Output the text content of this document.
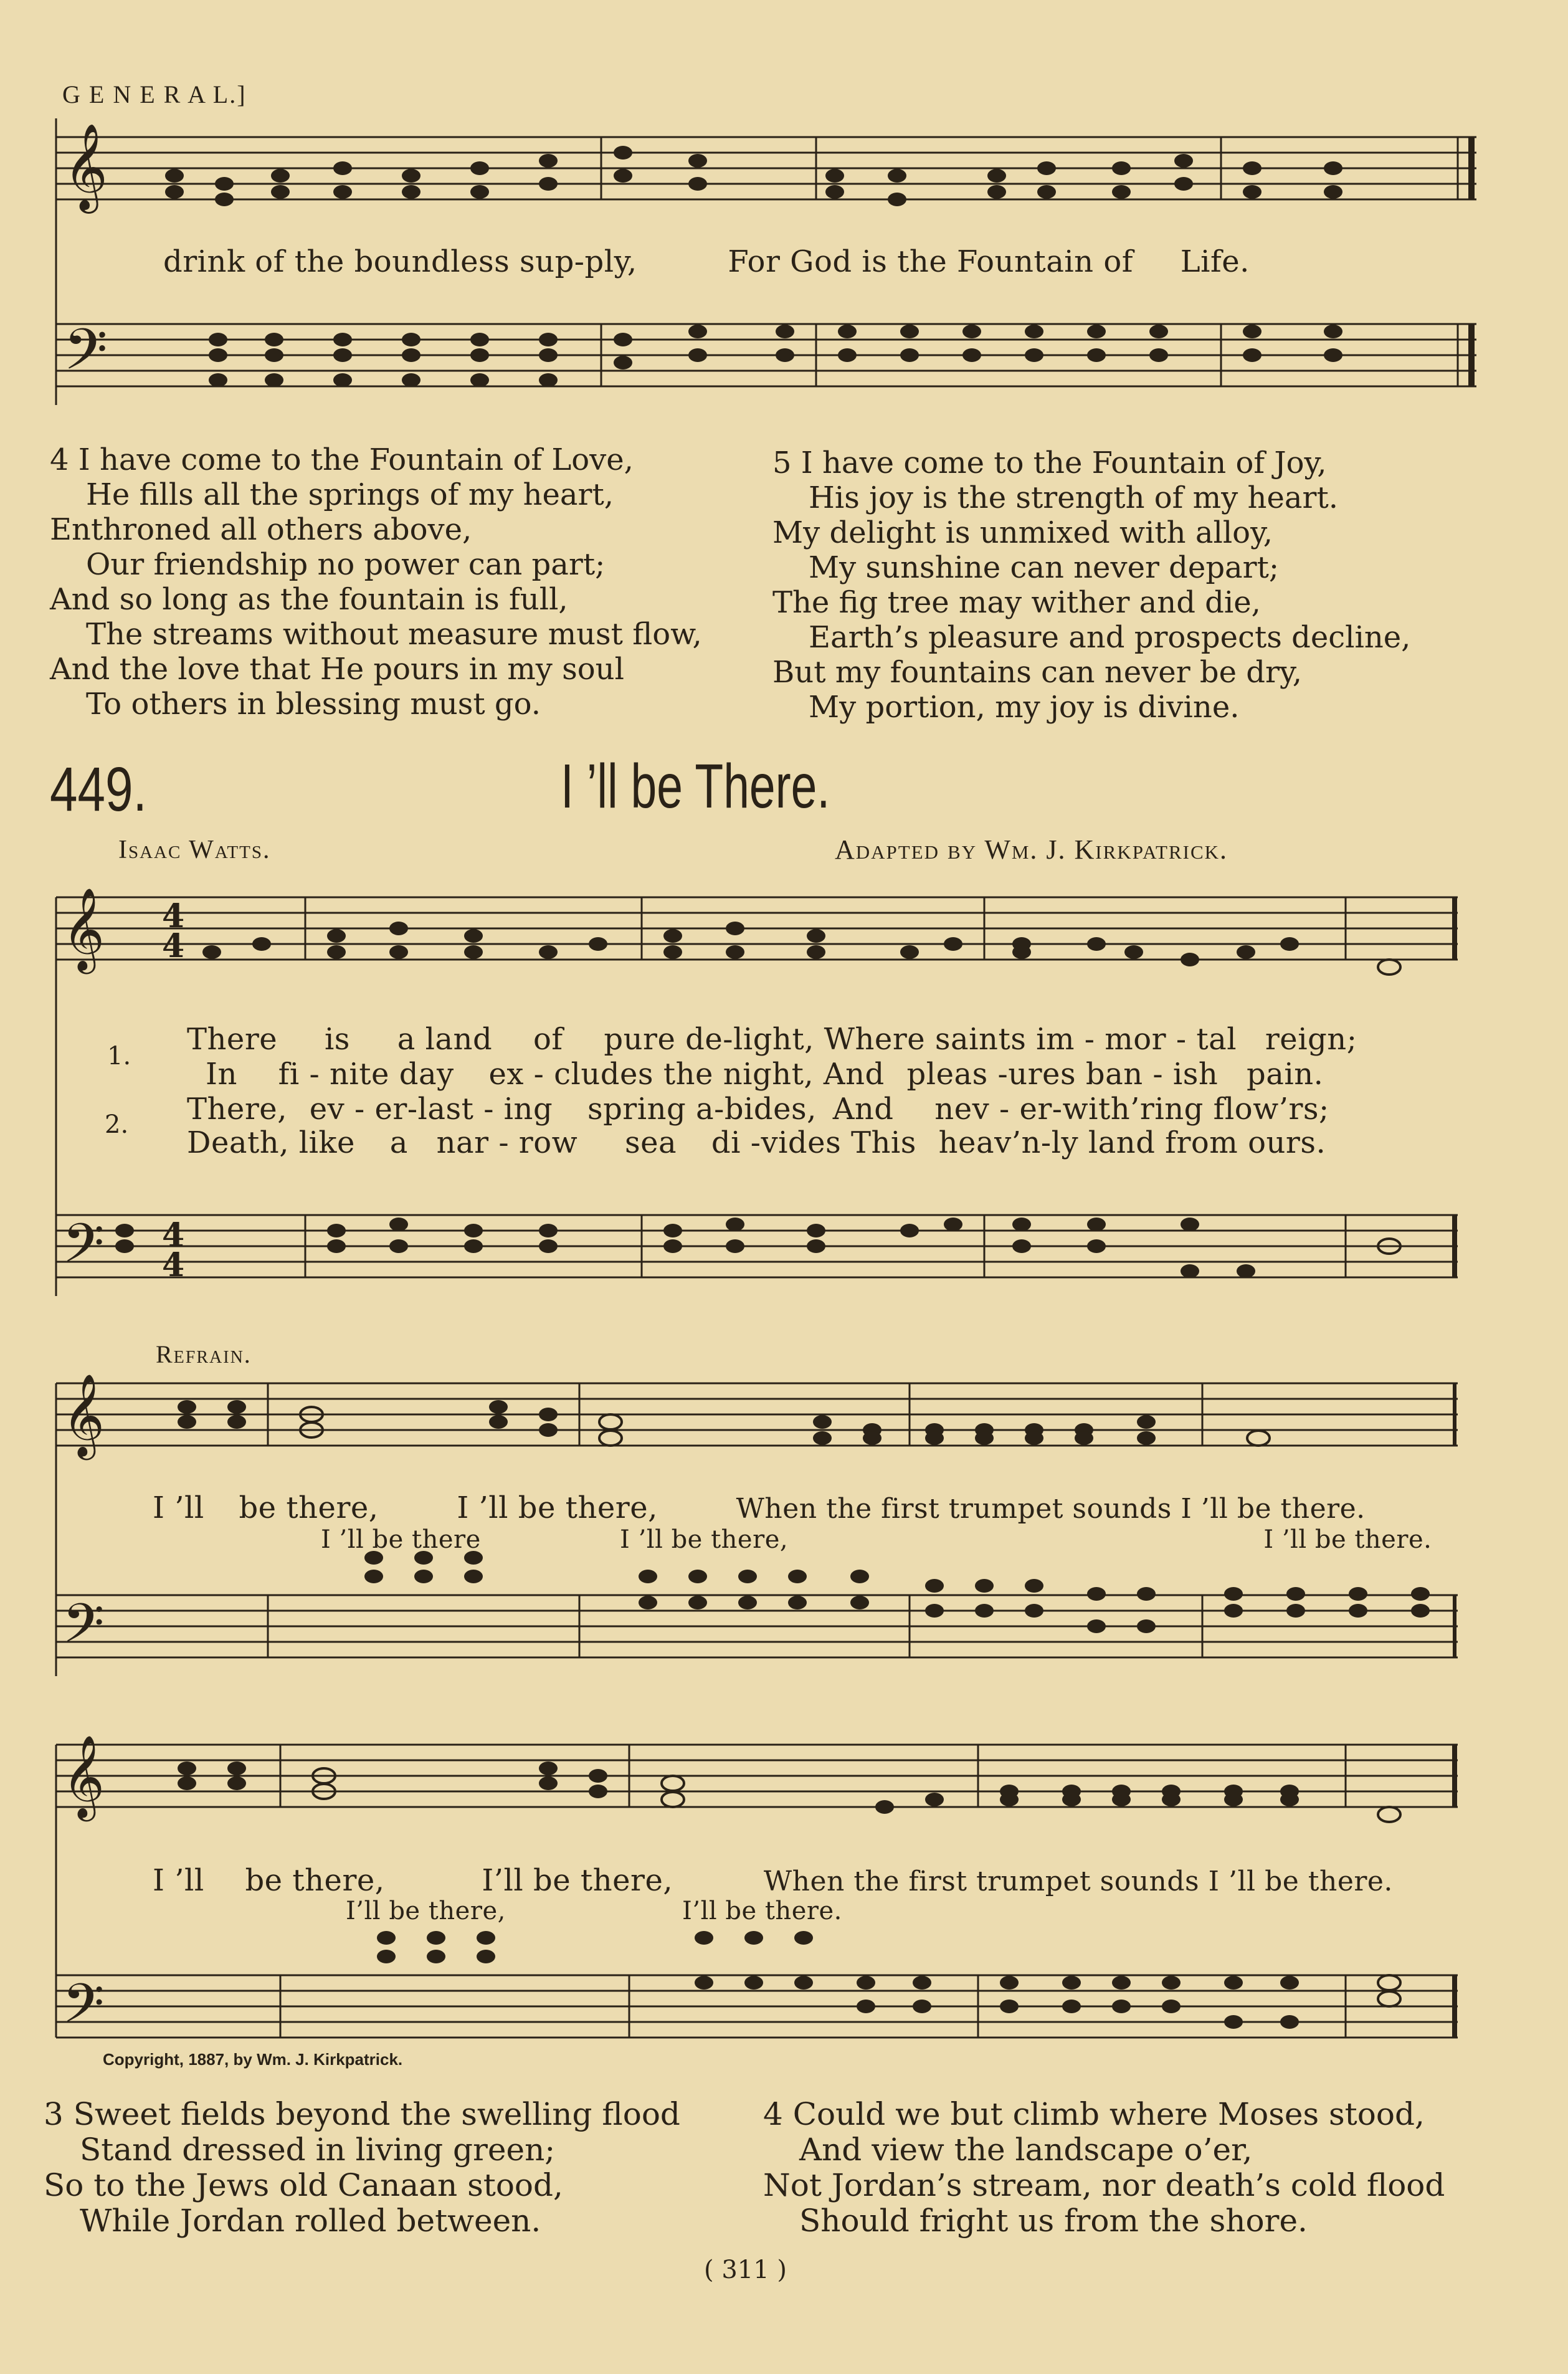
G E N E R A L.]
𝄞
𝄢
drink of the boundless sup-ply,	For God is the Fountain of Life.
4 I have come to the Fountain of Love,
He fills all the springs of my heart,
Enthroned all others above,
Our friendship no power can part;
And so long as the fountain is full,
The streams without measure must flow,
And the love that He pours in my soul
To others in blessing must go.
5 I have come to the Fountain of Joy,
His joy is the strength of my heart.
My delight is unmixed with alloy,
My sunshine can never depart;
The fig tree may wither and die,
Earth’s pleasure and prospects decline,
But my fountains can never be dry,
My portion, my joy is divine.
449.	I ’ll be There.
Isaac Watts.	Adapted by Wm. J. Kirkpatrick.
𝄞
𝄢
4
4
4
4
1.
2.
There is a land of pure de-light, Where saints im - mor - tal reign;
In fi - nite day ex - cludes the night, And pleas -ures ban - ish pain.
There, ev - er-last - ing spring a-bides, And nev - er-with’ring flow’rs;
Death, like a nar - row sea di -vides This heav’n-ly land from ours.
Refrain.
𝄞
𝄢
I ’ll be there,	I ’ll be there,	When the first trumpet sounds I ’ll be there.
I ’ll be there	I ’ll be there,	I ’ll be there.
𝄞
𝄢
I ’ll be there,	I’ll be there,	When the first trumpet sounds I ’ll be there.
I’ll be there,	I’ll be there.
Copyright, 1887, by Wm. J. Kirkpatrick.
3 Sweet fields beyond the swelling flood
Stand dressed in living green;
So to the Jews old Canaan stood,
While Jordan rolled between.
4 Could we but climb where Moses stood,
And view the landscape o’er,
Not Jordan’s stream, nor death’s cold flood
Should fright us from the shore.
( 311 )
